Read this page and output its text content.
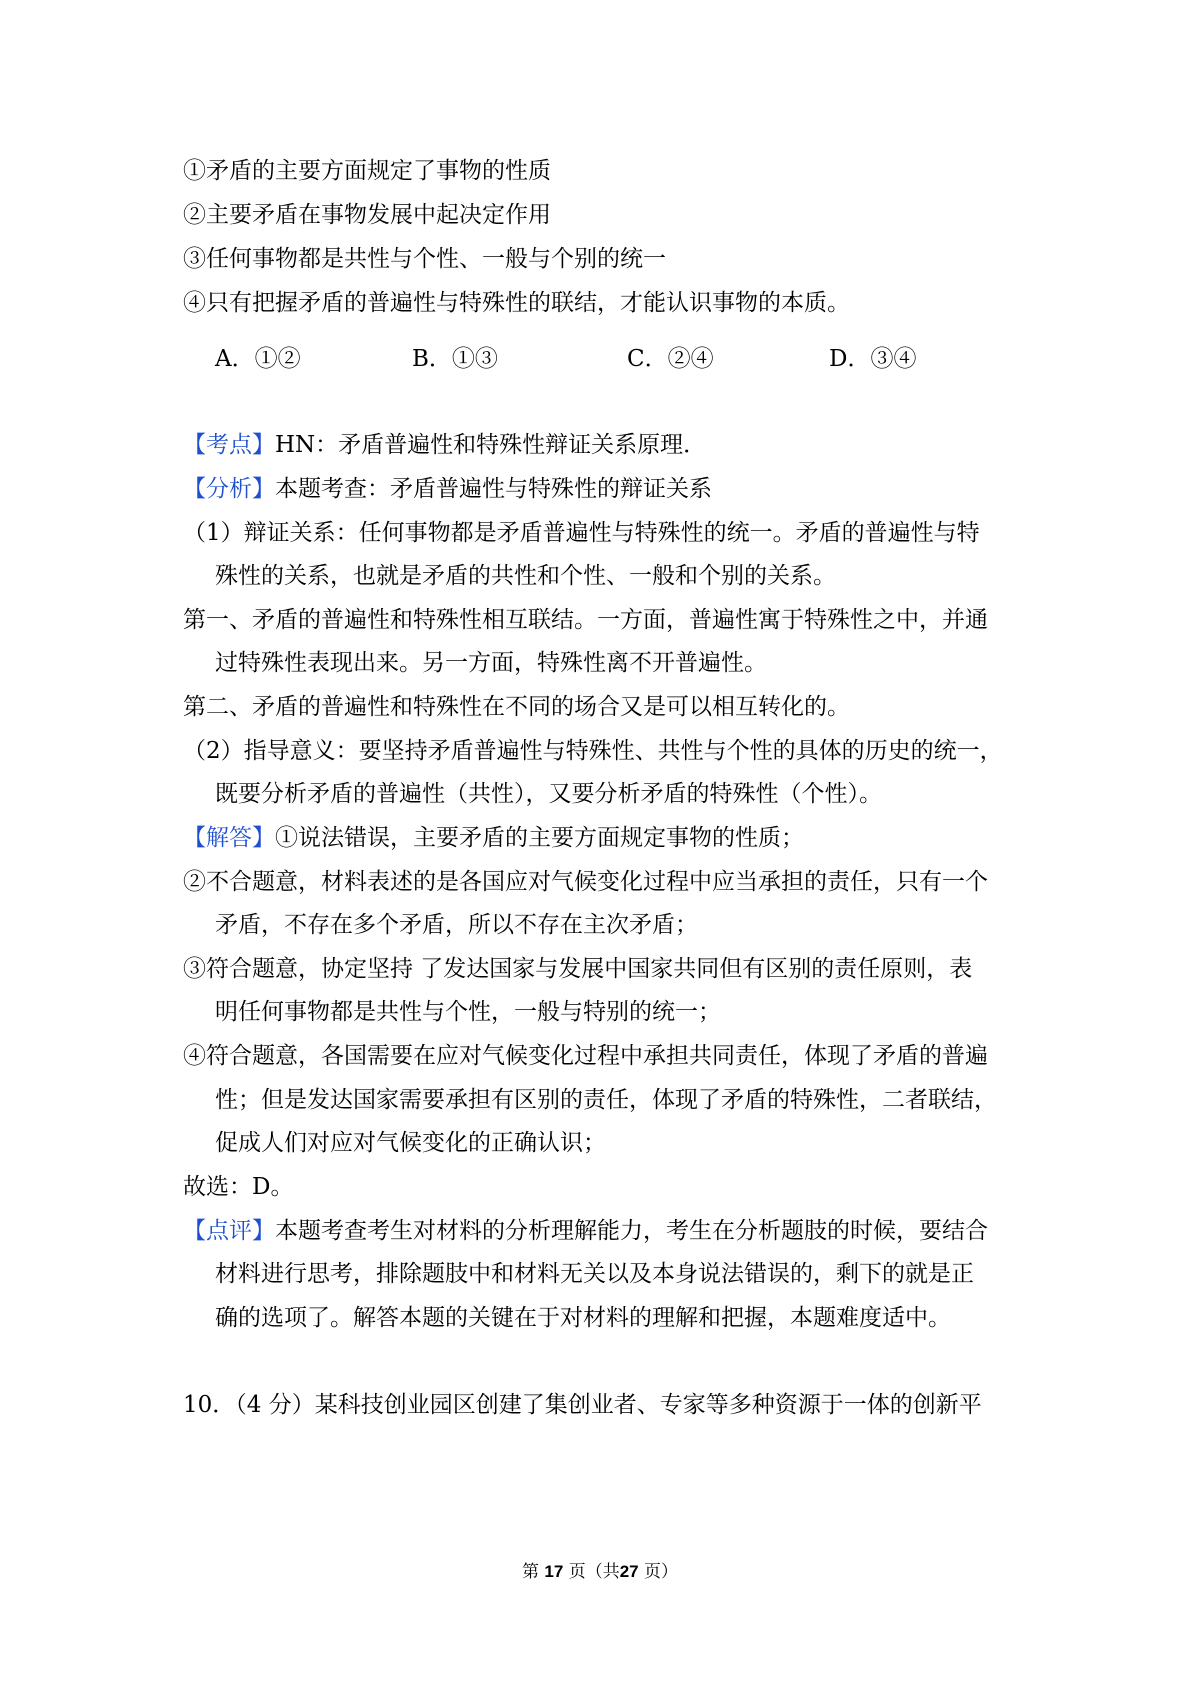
①矛盾的主要方面规定了事物的性质
②主要矛盾在事物发展中起决定作用
③任何事物都是共性与个性、一般与个别的统一
④只有把握矛盾的普遍性与特殊性的联结，才能认识事物的本质。
A．①②	B．①③	C．②④	D．③④
【考点】HN：矛盾普遍性和特殊性辩证关系原理．
【分析】本题考查：矛盾普遍性与特殊性的辩证关系
（1）辩证关系：任何事物都是矛盾普遍性与特殊性的统一。矛盾的普遍性与特
殊性的关系，也就是矛盾的共性和个性、一般和个别的关系。
第一、矛盾的普遍性和特殊性相互联结。一方面，普遍性寓于特殊性之中，并通
过特殊性表现出来。另一方面，特殊性离不开普遍性。
第二、矛盾的普遍性和特殊性在不同的场合又是可以相互转化的。
（2）指导意义：要坚持矛盾普遍性与特殊性、共性与个性的具体的历史的统一，
既要分析矛盾的普遍性（共性），又要分析矛盾的特殊性（个性）。
【解答】①说法错误，主要矛盾的主要方面规定事物的性质；
②不合题意，材料表述的是各国应对气候变化过程中应当承担的责任，只有一个
矛盾，不存在多个矛盾，所以不存在主次矛盾；
③符合题意，协定坚持 了发达国家与发展中国家共同但有区别的责任原则，表
明任何事物都是共性与个性，一般与特别的统一；
④符合题意，各国需要在应对气候变化过程中承担共同责任，体现了矛盾的普遍
性；但是发达国家需要承担有区别的责任，体现了矛盾的特殊性，二者联结，
促成人们对应对气候变化的正确认识；
故选：D。
【点评】本题考查考生对材料的分析理解能力，考生在分析题肢的时候，要结合
材料进行思考，排除题肢中和材料无关以及本身说法错误的，剩下的就是正
确的选项了。解答本题的关键在于对材料的理解和把握，本题难度适中。
10．（4 分）某科技创业园区创建了集创业者、专家等多种资源于一体的创新平
第 17 页（共27 页）
